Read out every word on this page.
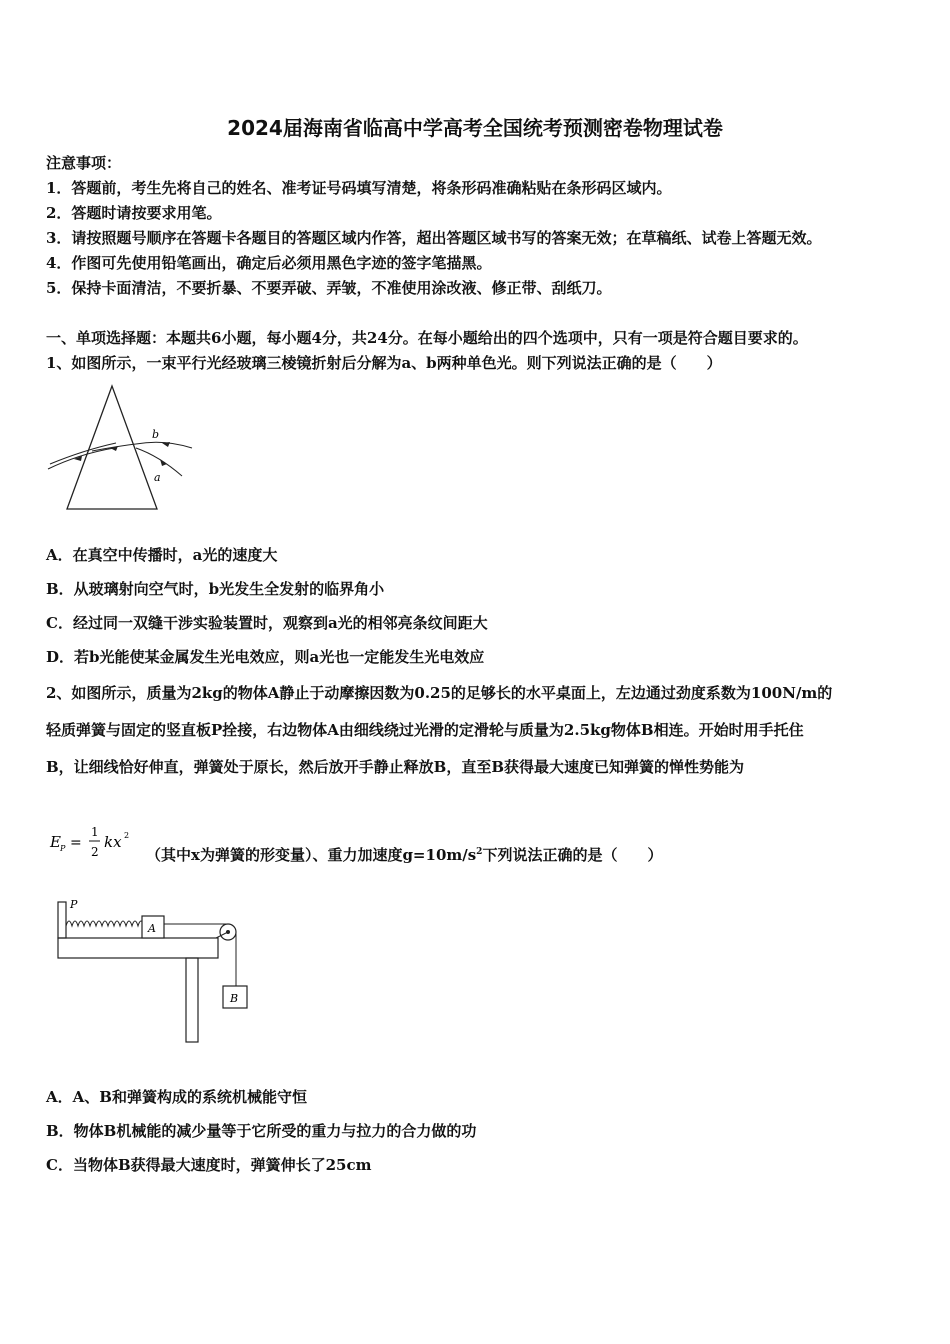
2024届海南省临高中学高考全国统考预测密卷物理试卷
注意事项：
1．答题前，考生先将自己的姓名、准考证号码填写清楚，将条形码准确粘贴在条形码区域内。
2．答题时请按要求用笔。
3．请按照题号顺序在答题卡各题目的答题区域内作答，超出答题区域书写的答案无效；在草稿纸、试卷上答题无效。
4．作图可先使用铅笔画出，确定后必须用黑色字迹的签字笔描黑。
5．保持卡面清洁，不要折暴、不要弄破、弄皱，不准使用涂改液、修正带、刮纸刀。
一、单项选择题：本题共6小题，每小题4分，共24分。在每小题给出的四个选项中，只有一项是符合题目要求的。
1、如图所示，一束平行光经玻璃三棱镜折射后分解为a、b两种单色光。则下列说法正确的是（　　）
b
a
A．在真空中传播时，a光的速度大
B．从玻璃射向空气时，b光发生全发射的临界角小
C．经过同一双缝干涉实验装置时，观察到a光的相邻亮条纹间距大
D．若b光能使某金属发生光电效应，则a光也一定能发生光电效应
2、如图所示，质量为2kg的物体A静止于动摩擦因数为0.25的足够长的水平桌面上，左边通过劲度系数为100N/m的
轻质弹簧与固定的竖直板P拴接，右边物体A由细线绕过光滑的定滑轮与质量为2.5kg物体B相连。开始时用手托住
B，让细线恰好伸直，弹簧处于原长，然后放开手静止释放B，直至B获得最大速度已知弹簧的惮性势能为
E P =
1
2
kx 2
（其中x为弹簧的形变量）、重力加速度$g=10m/s^2$下列说法正确的是（　　）
P
A
B
A．A、B和弹簧构成的系统机械能守恒
B．物体B机械能的减少量等于它所受的重力与拉力的合力做的功
C．当物体B获得最大速度时，弹簧伸长了25cm
